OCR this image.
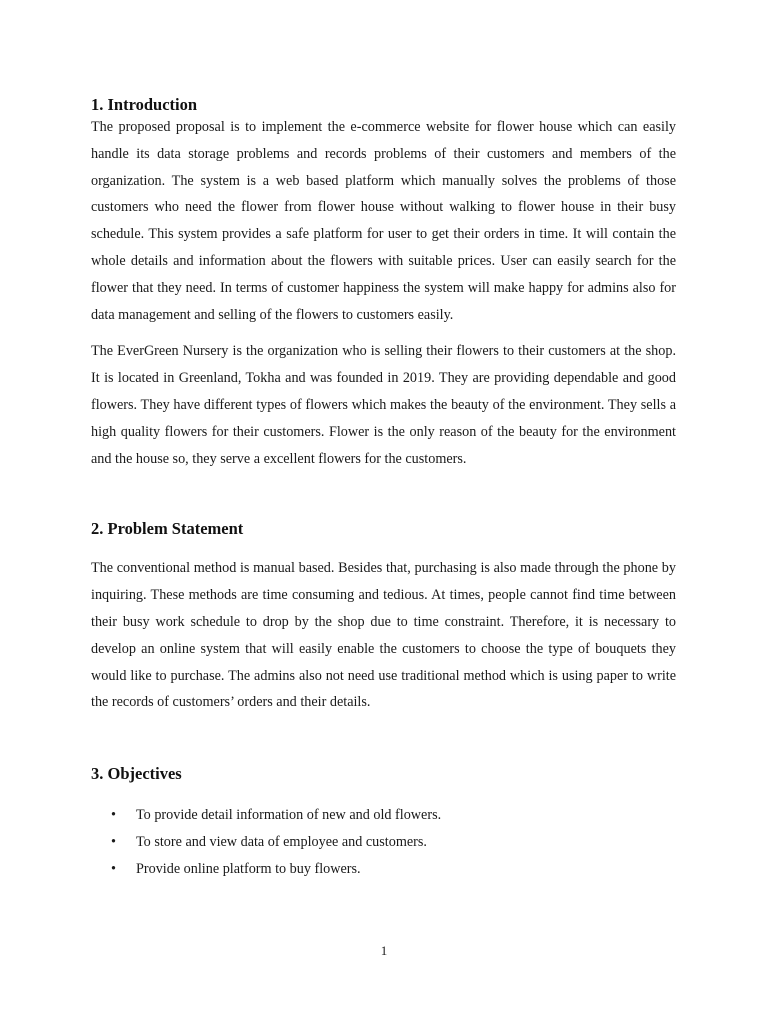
1. Introduction

The proposed proposal is to implement the e-commerce website for flower house which can easily handle its data storage problems and records problems of their customers and members of the organization. The system is a web based platform which manually solves the problems of those customers who need the flower from flower house without walking to flower house in their busy schedule. This system provides a safe platform for user to get their orders in time. It will contain the whole details and information about the flowers with suitable prices. User can easily search for the flower that they need. In terms of customer happiness the system will make happy for admins also for data management and selling of the flowers to customers easily.

The EverGreen Nursery is the organization who is selling their flowers to their customers at the shop. It is located in Greenland, Tokha and was founded in 2019. They are providing dependable and good flowers. They have different types of flowers which makes the beauty of the environment. They sells a high quality flowers for their customers. Flower is the only reason of the beauty for the environment and the house so, they serve a excellent flowers for the customers.

2. Problem Statement

The conventional method is manual based. Besides that, purchasing is also made through the phone by inquiring. These methods are time consuming and tedious. At times, people cannot find time between their busy work schedule to drop by the shop due to time constraint. Therefore, it is necessary to develop an online system that will easily enable the customers to choose the type of bouquets they would like to purchase. The admins also not need use traditional method which is using paper to write the records of customers’ orders and their details.

3. Objectives
• To provide detail information of new and old flowers.
• To store and view data of employee and customers.
• Provide online platform to buy flowers.
1
